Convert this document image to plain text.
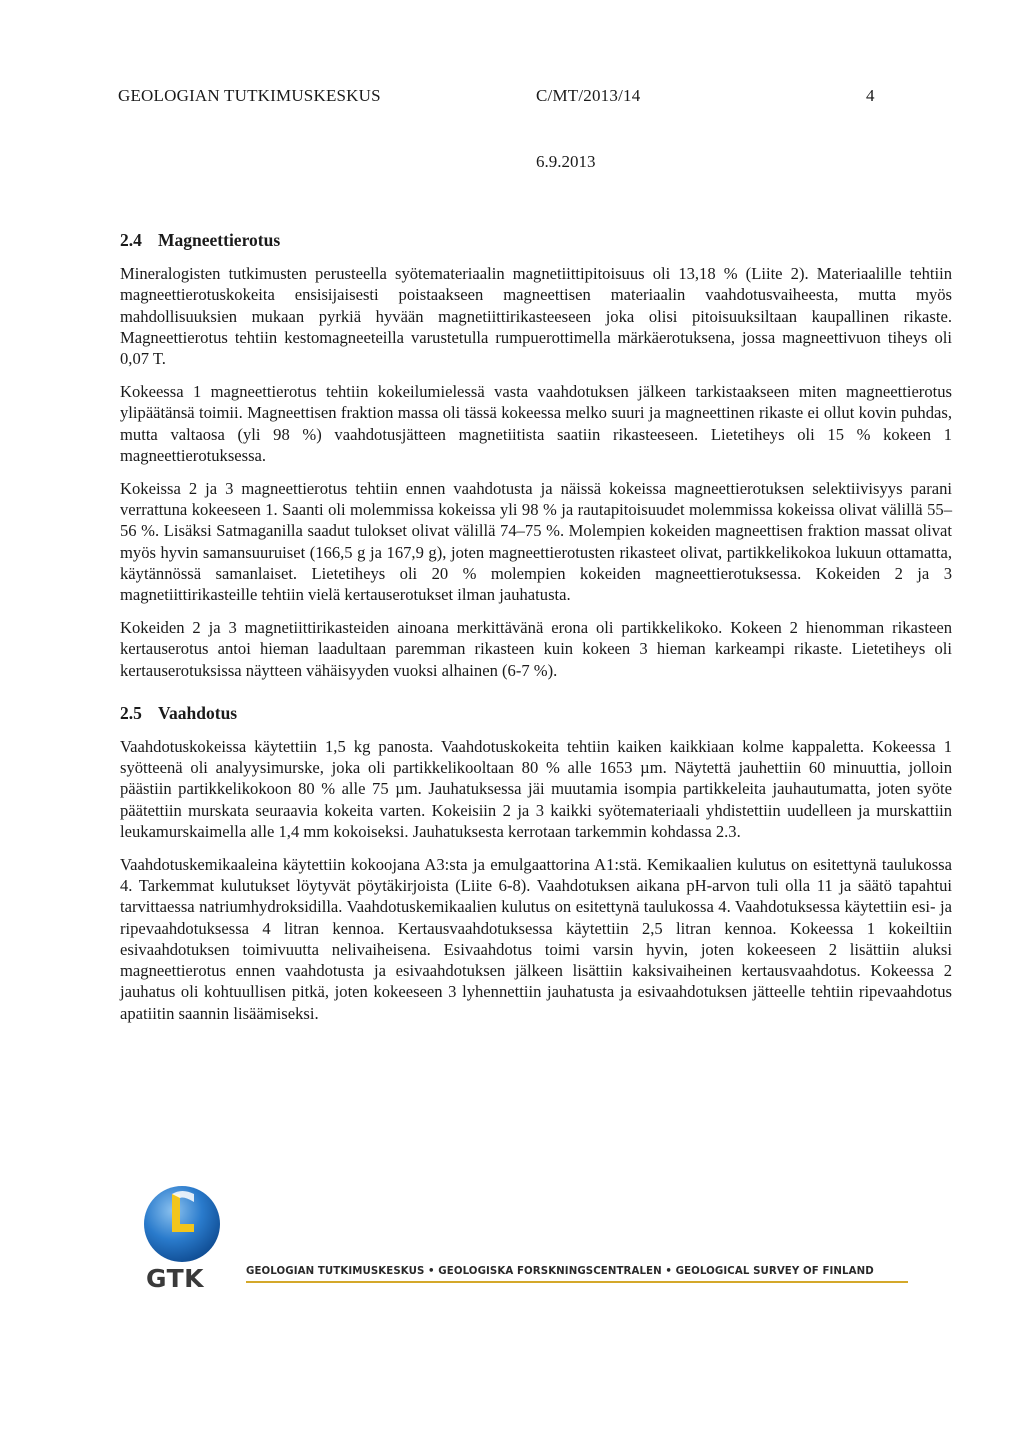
GEOLOGIAN TUTKIMUSKESKUS	C/MT/2013/14	4
6.9.2013
2.4 Magneettierotus

Mineralogisten tutkimusten perusteella syötemateriaalin magnetiittipitoisuus oli 13,18 % (Liite 2). Materiaalille tehtiin magneettierotuskokeita ensisijaisesti poistaakseen magneettisen materiaalin vaahdotusvaiheesta, mutta myös mahdollisuuksien mukaan pyrkiä hyvään magnetiittirikasteeseen joka olisi pitoisuuksiltaan kaupallinen rikaste. Magneettierotus tehtiin kestomagneeteilla varustetulla rumpuerottimella märkäerotuksena, jossa magneettivuon tiheys oli 0,07 T.

Kokeessa 1 magneettierotus tehtiin kokeilumielessä vasta vaahdotuksen jälkeen tarkistaakseen miten magneettierotus ylipäätänsä toimii. Magneettisen fraktion massa oli tässä kokeessa melko suuri ja magneettinen rikaste ei ollut kovin puhdas, mutta valtaosa (yli 98 %) vaahdotusjätteen magnetiitista saatiin rikasteeseen. Lietetiheys oli 15 % kokeen 1 magneettierotuksessa.

Kokeissa 2 ja 3 magneettierotus tehtiin ennen vaahdotusta ja näissä kokeissa magneettierotuksen selektiivisyys parani verrattuna kokeeseen 1. Saanti oli molemmissa kokeissa yli 98 % ja rautapitoisuudet molemmissa kokeissa olivat välillä 55–56 %. Lisäksi Satmaganilla saadut tulokset olivat välillä 74–75 %. Molempien kokeiden magneettisen fraktion massat olivat myös hyvin samansuuruiset (166,5 g ja 167,9 g), joten magneettierotusten rikasteet olivat, partikkelikokoa lukuun ottamatta, käytännössä samanlaiset. Lietetiheys oli 20 % molempien kokeiden magneettierotuksessa. Kokeiden 2 ja 3 magnetiittirikasteille tehtiin vielä kertauserotukset ilman jauhatusta.

Kokeiden 2 ja 3 magnetiittirikasteiden ainoana merkittävänä erona oli partikkelikoko. Kokeen 2 hienomman rikasteen kertauserotus antoi hieman laadultaan paremman rikasteen kuin kokeen 3 hieman karkeampi rikaste. Lietetiheys oli kertauserotuksissa näytteen vähäisyyden vuoksi alhainen (6-7 %).

2.5 Vaahdotus

Vaahdotuskokeissa käytettiin 1,5 kg panosta. Vaahdotuskokeita tehtiin kaiken kaikkiaan kolme kappaletta. Kokeessa 1 syötteenä oli analyysimurske, joka oli partikkelikooltaan 80 % alle 1653 µm. Näytettä jauhettiin 60 minuuttia, jolloin päästiin partikkelikokoon 80 % alle 75 µm. Jauhatuksessa jäi muutamia isompia partikkeleita jauhautumatta, joten syöte päätettiin murskata seuraavia kokeita varten. Kokeisiin 2 ja 3 kaikki syötemateriaali yhdistettiin uudelleen ja murskattiin leukamurskaimella alle 1,4 mm kokoiseksi. Jauhatuksesta kerrotaan tarkemmin kohdassa 2.3.

Vaahdotuskemikaaleina käytettiin kokoojana A3:sta ja emulgaattorina A1:stä. Kemikaalien kulutus on esitettynä taulukossa 4. Tarkemmat kulutukset löytyvät pöytäkirjoista (Liite 6-8). Vaahdotuksen aikana pH-arvon tuli olla 11 ja säätö tapahtui tarvittaessa natriumhydroksidilla. Vaahdotuskemikaalien kulutus on esitettynä taulukossa 4. Vaahdotuksessa käytettiin esi- ja ripevaahdotuksessa 4 litran kennoa. Kertausvaahdotuksessa käytettiin 2,5 litran kennoa. Kokeessa 1 kokeiltiin esivaahdotuksen toimivuutta nelivaiheisena. Esivaahdotus toimi varsin hyvin, joten kokeeseen 2 lisättiin aluksi magneettierotus ennen vaahdotusta ja esivaahdotuksen jälkeen lisättiin kaksivaiheinen kertausvaahdotus. Kokeessa 2 jauhatus oli kohtuullisen pitkä, joten kokeeseen 3 lyhennettiin jauhatusta ja esivaahdotuksen jätteelle tehtiin ripevaahdotus apatiitin saannin lisäämiseksi.

GTK	GEOLOGIAN TUTKIMUSKESKUS • GEOLOGISKA FORSKNINGSCENTRALEN • GEOLOGICAL SURVEY OF FINLAND
